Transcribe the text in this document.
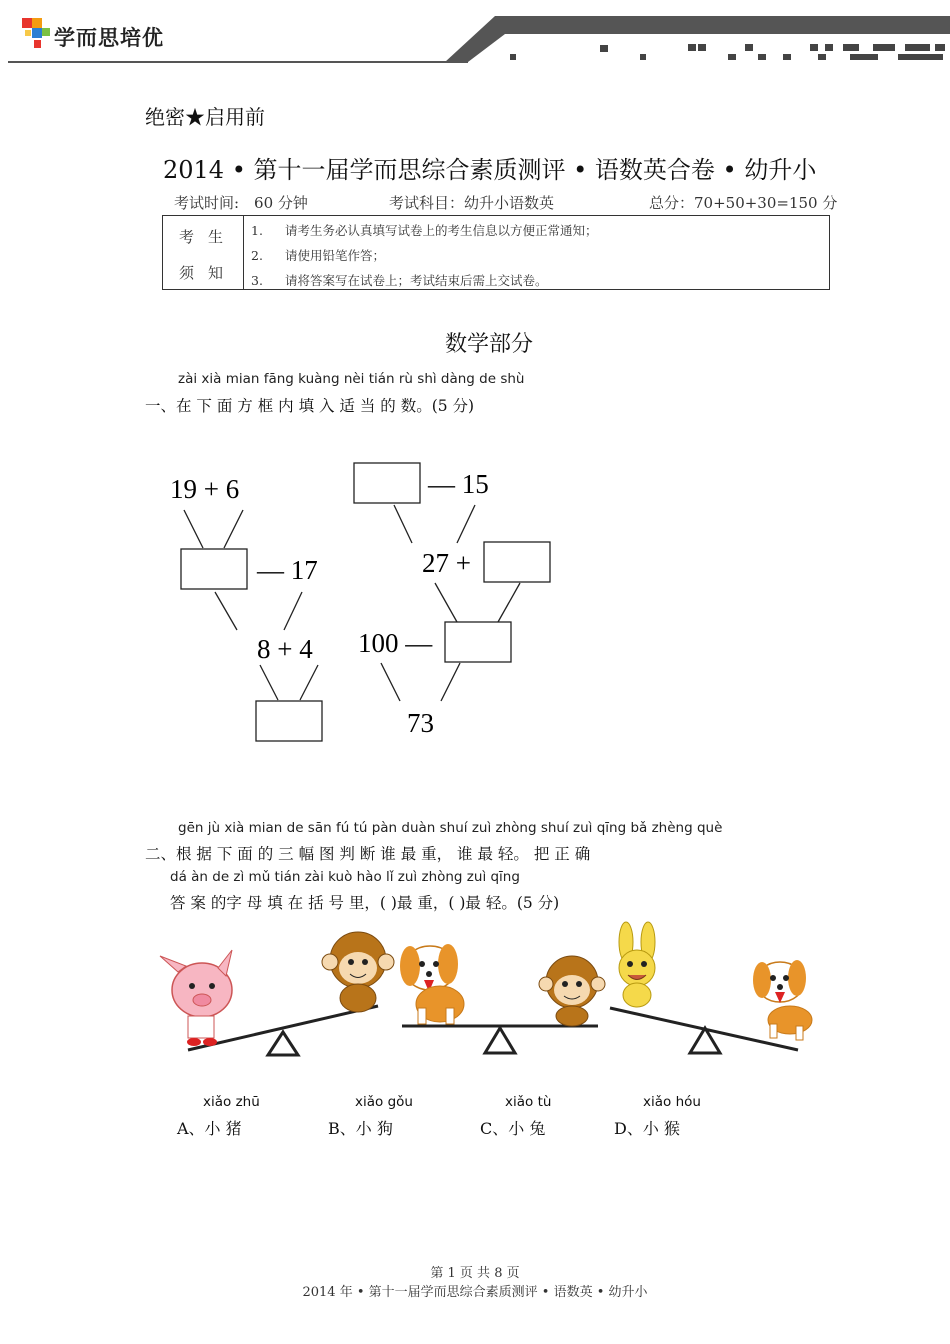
学而思培优
绝密★启用前
2014 • 第十一届学而思综合素质测评 • 语数英合卷 • 幼升小
考试时间:　60 分钟	考试科目：幼升小语数英	总分：70+50+30=150 分
考生
须知
1. 请考生务必认真填写试卷上的考生信息以方便正常通知；
2. 请使用铅笔作答；
3. 请将答案写在试卷上；考试结束后需上交试卷。
数学部分
zài xià mian fāng kuàng nèi tián rù shì dàng de shù
一、在 下 面 方 框 内 填 入 适 当 的 数。(5 分)
19 + 6
— 17
8 + 4
— 15
27 +
100 —
73
gēn jù xià mian de sān fú tú pàn duàn shuí zuì zhòng shuí zuì qīng bǎ zhèng què
二、根 据 下 面 的 三 幅 图 判 断 谁 最 重， 谁 最 轻。 把 正 确
dá àn de zì mǔ tián zài kuò hào lǐ zuì zhòng zuì qīng
答 案 的字 母 填 在 括 号 里，( )最 重，( )最 轻。(5 分)
xiǎo zhū
A、小 猪
xiǎo gǒu
B、小 狗
xiǎo tù
C、小 兔
xiǎo hóu
D、小 猴
第 1 页 共 8 页
2014 年 • 第十一届学而思综合素质测评 • 语数英 • 幼升小
